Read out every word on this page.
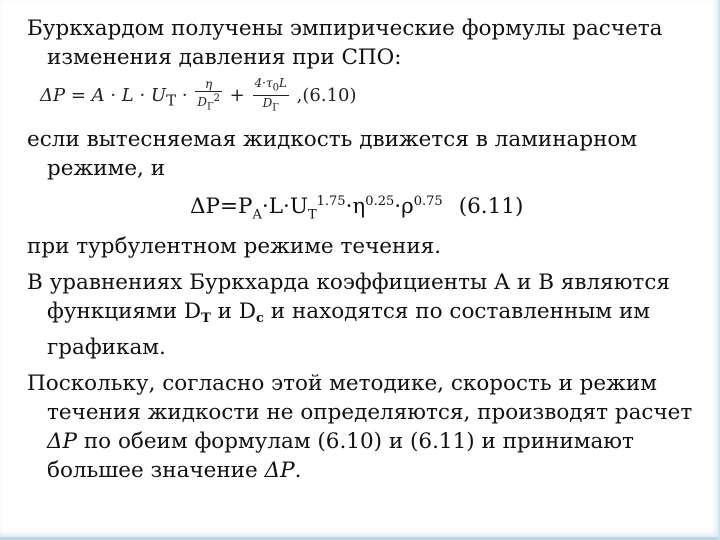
Буркхардом получены эмпирические формулы расчета изменения давления при СПО:

$\Delta P = A \cdot L \cdot U_T \cdot \frac{\eta}{D_Г^2} + \frac{4\cdot\tau_0L}{D_Г} ,(6.10)$

если вытесняемая жидкость движется в ламинарном режиме, и

$\Delta P=P_A\cdot L\cdot U_T^{1.75}\cdot\eta^{0.25}\cdot\rho^{0.75}$ (6.11)

при турбулентном режиме течения.

В уравнениях Буркхарда коэффициенты А и В являются функциями DT и Dc и находятся по составленным им графикам.

Поскольку, согласно этой методике, скорость и режим течения жидкости не определяются, производят расчет ΔP по обеим формулам (6.10) и (6.11) и принимают большее значение ΔP.
